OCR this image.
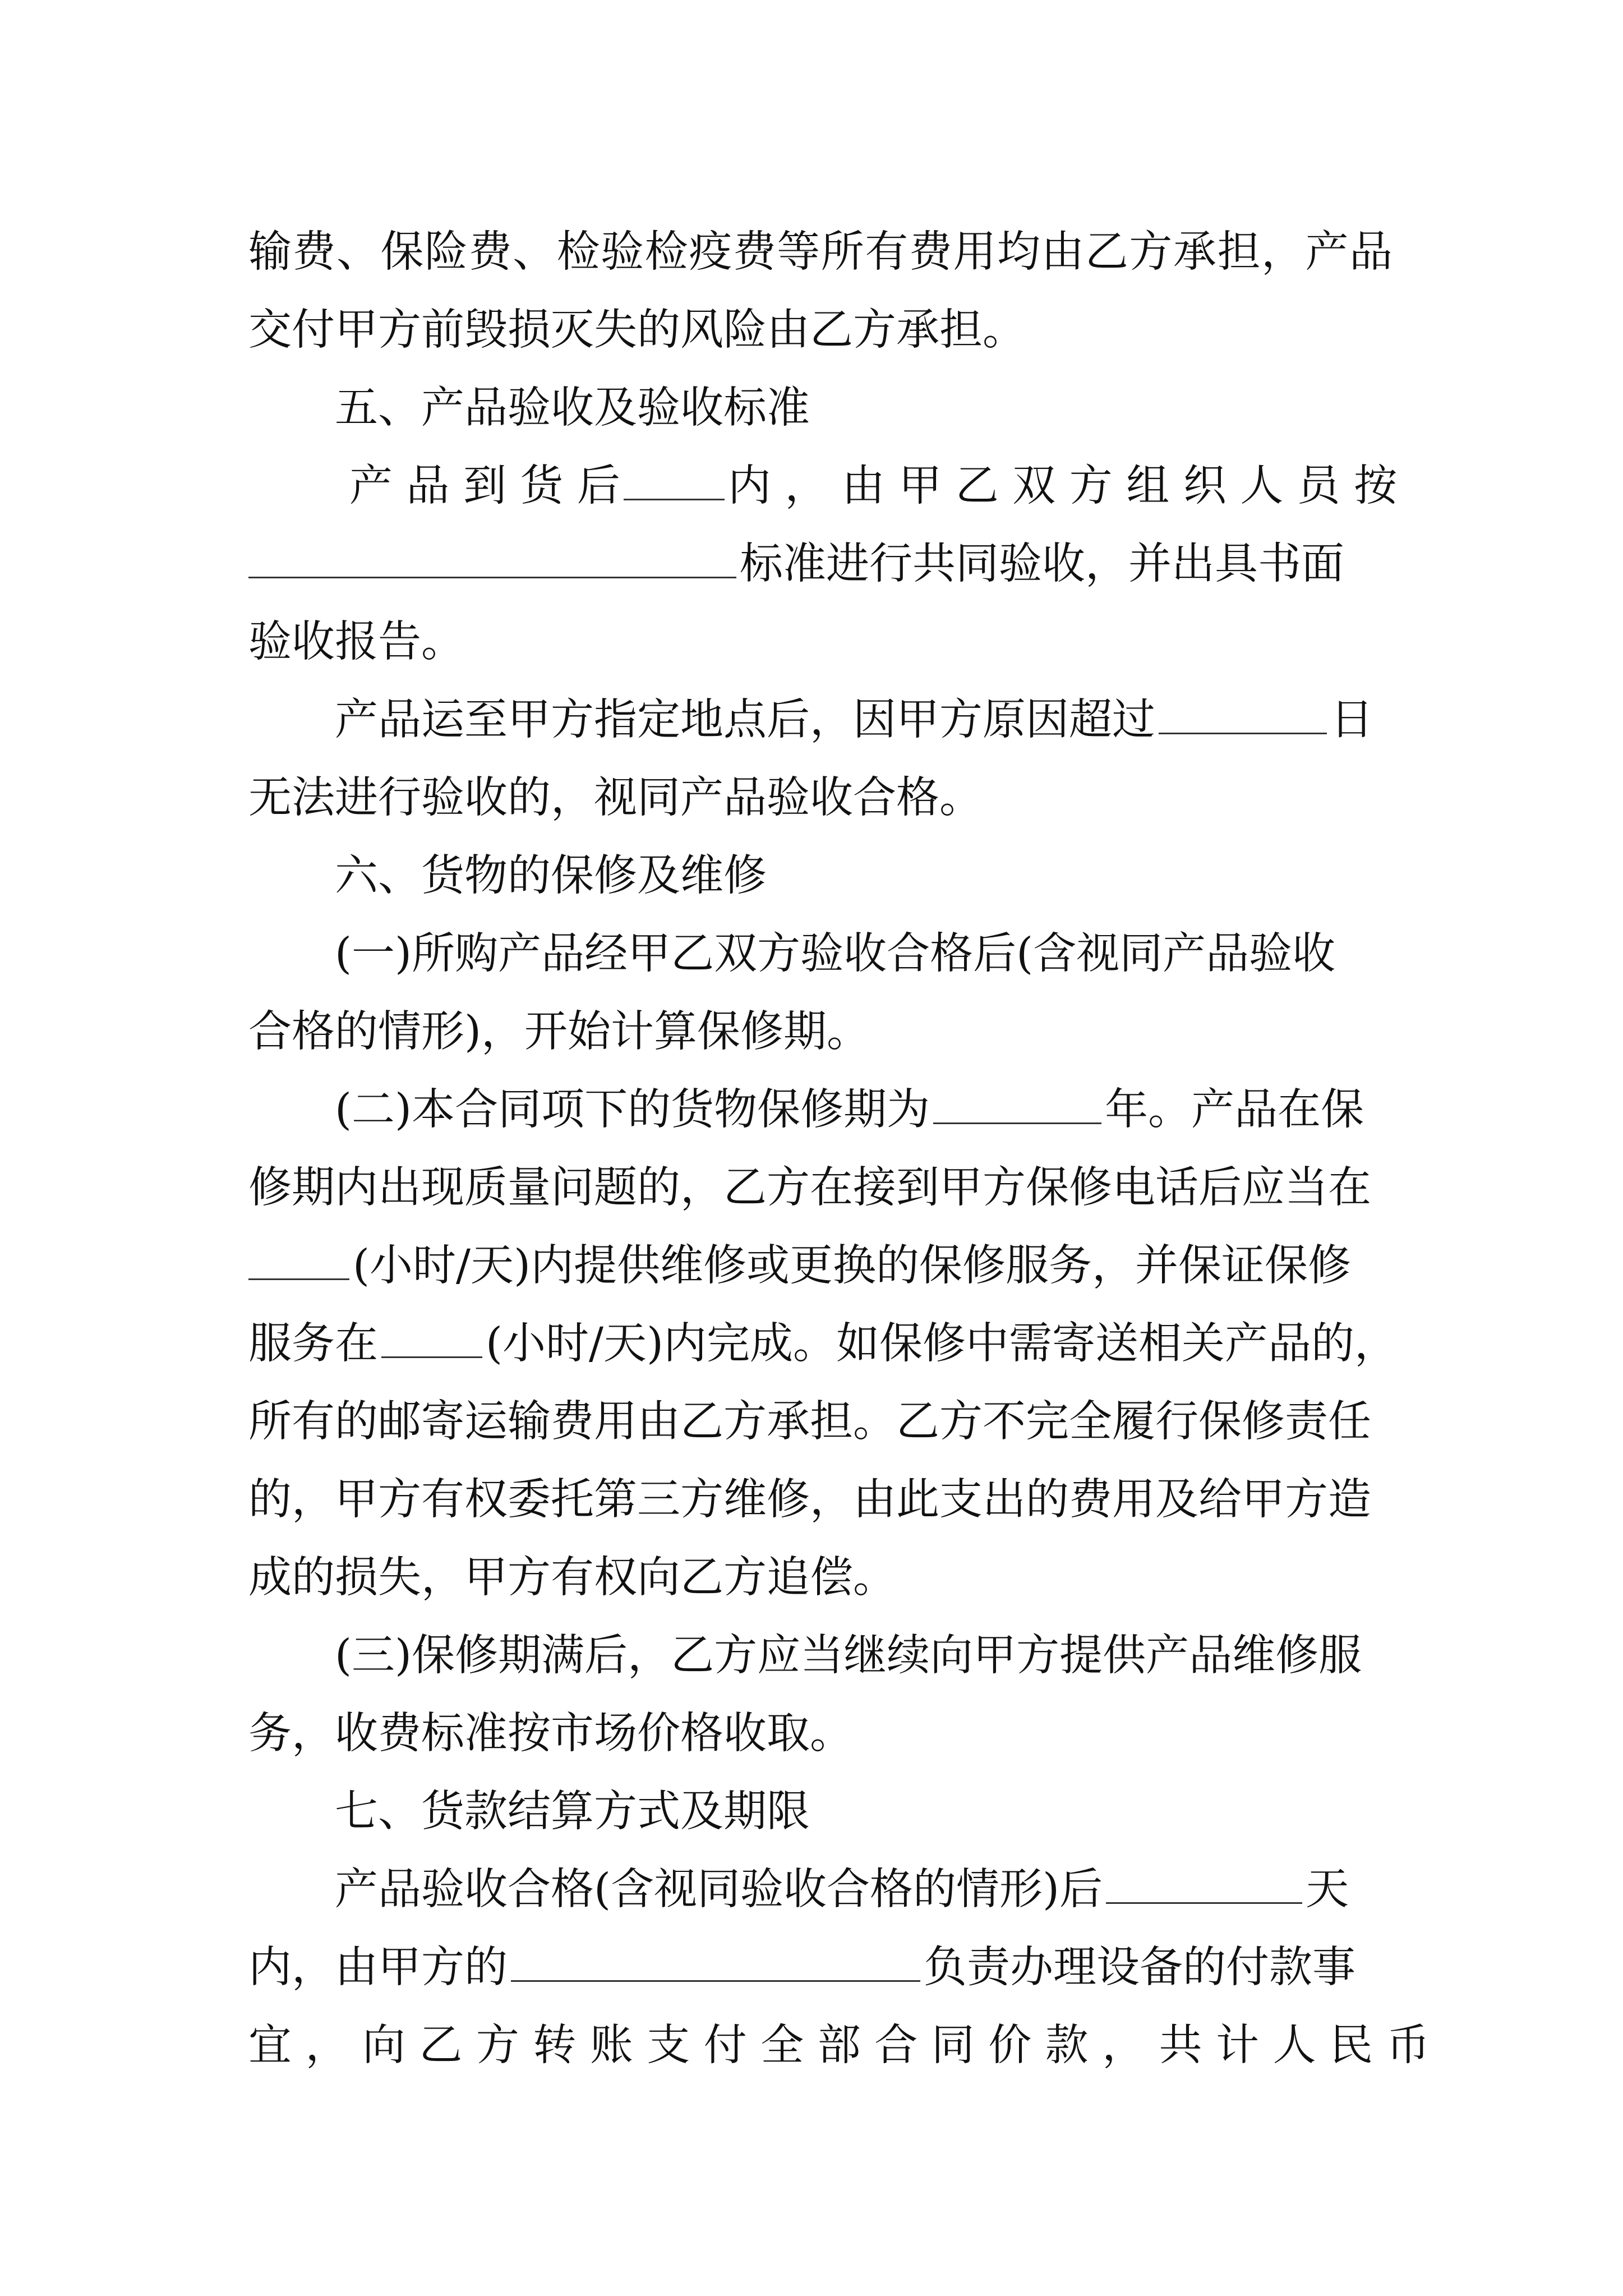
输费、保险费、检验检疫费等所有费用均由乙方承担，产品
交付甲方前毁损灭失的风险由乙方承担。
五、产品验收及验收标准
产 品 到 货 后 内 ， 由 甲 乙 双 方 组 织 人 员 按
标准进行共同验收，并出具书面
验收报告。
产品运至甲方指定地点后，因甲方原因超过	日
无法进行验收的，视同产品验收合格。
六、货物的保修及维修
(一)所购产品经甲乙双方验收合格后(含视同产品验收
合格的情形)，开始计算保修期。
(二)本合同项下的货物保修期为	年。产品在保
修期内出现质量问题的，乙方在接到甲方保修电话后应当在
(小时/天)内提供维修或更换的保修服务，并保证保修
服务在 (小时/天)内完成。如保修中需寄送相关产品的，
所有的邮寄运输费用由乙方承担。乙方不完全履行保修责任
的，甲方有权委托第三方维修，由此支出的费用及给甲方造
成的损失，甲方有权向乙方追偿。
(三)保修期满后，乙方应当继续向甲方提供产品维修服
务，收费标准按市场价格收取。
七、货款结算方式及期限
产品验收合格(含视同验收合格的情形)后	天
内，由甲方的	负责办理设备的付款事
宜 ， 向 乙 方 转 账 支 付 全 部 合 同 价 款 ， 共 计 人 民 币
